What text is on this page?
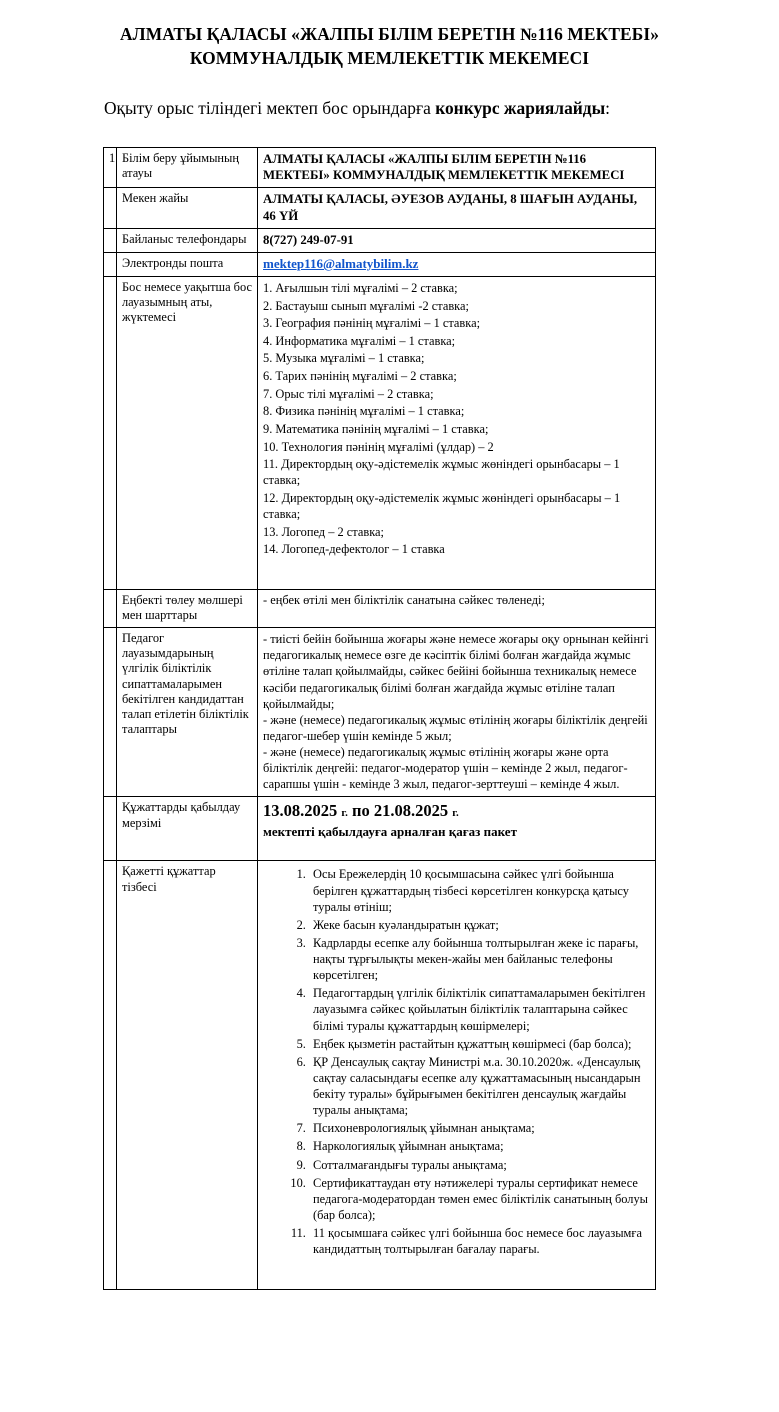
АЛМАТЫ ҚАЛАСЫ «ЖАЛПЫ БІЛІМ БЕРЕТІН №116 МЕКТЕБІ» КОММУНАЛДЫҚ МЕМЛЕКЕТТІК МЕКЕМЕСІ

Оқыту орыс тіліндегі мектеп бос орындарға конкурс жариялайды:

1	Білім беру ұйымының атауы	АЛМАТЫ ҚАЛАСЫ «ЖАЛПЫ БІЛІМ БЕРЕТІН №116 МЕКТЕБІ» КОММУНАЛДЫҚ МЕМЛЕКЕТТІК МЕКЕМЕСІ
	Мекен жайы	АЛМАТЫ ҚАЛАСЫ, ӘУЕЗОВ АУДАНЫ, 8 ШАҒЫН АУДАНЫ, 46 ҮЙ
	Байланыс телефондары	8(727) 249-07-91
	Электронды пошта	mektep116@almatybilim.kz
	Бос немесе уақытша бос лауазымның аты, жүктемесі	
1. Ағылшын тілі мұғалімі – 2 ставка;
2. Бастауыш сынып мұғалімі -2 ставка;
3. География пәнінің мұғалімі – 1 ставка;
4. Информатика мұғалімі – 1 ставка;
5. Музыка мұғалімі – 1 ставка;
6. Тарих пәнінің мұғалімі – 2 ставка;
7. Орыс тілі мұғалімі – 2 ставка;
8. Физика пәнінің мұғалімі – 1 ставка;
9. Математика пәнінің мұғалімі – 1 ставка;
10. Технология пәнінің мұғалімі (ұлдар) – 2
11. Директордың оқу-әдістемелік жұмыс жөніндегі орынбасары – 1 ставка;
12. Директордың оқу-әдістемелік жұмыс жөніндегі орынбасары – 1 ставка;
13. Логопед – 2 ставка;
14. Логопед-дефектолог – 1 ставка

	Еңбекті төлеу мөлшері мен шарттары	- еңбек өтілі мен біліктілік санатына сәйкес төленеді;
	Педагог лауазымдарының үлгілік біліктілік сипаттамаларымен бекітілген кандидаттан талап етілетін біліктілік талаптары	- тиісті бейін бойынша жоғары және немесе жоғары оқу орнынан кейінгі педагогикалық немесе өзге де кәсіптік білімі болған жағдайда жұмыс өтіліне талап қойылмайды, сәйкес бейіні бойынша техникалық немесе кәсіби педагогикалық білімі болған жағдайда жұмыс өтіліне талап қойылмайды;

- және (немесе) педагогикалық жұмыс өтілінің жоғары біліктілік деңгейі педагог-шебер үшін кемінде 5 жыл;

- және (немесе) педагогикалық жұмыс өтілінің жоғары және орта біліктілік деңгейі: педагог-модератор үшін – кемінде 2 жыл, педагог-сарапшы үшін - кемінде 3 жыл, педагог-зерттеуші – кемінде 4 жыл.

	Құжаттарды қабылдау мерзімі	13.08.2025 г. по 21.08.2025 г.
мектепті қабылдауға арналған қағаз пакет

	Қажетті құжаттар тізбесі	
1. Осы Ережелердің 10 қосымшасына сәйкес үлгі бойынша берілген құжаттардың тізбесі көрсетілген конкурсқа қатысу туралы өтініш;
2. Жеке басын куәландыратын құжат;
3. Кадрларды есепке алу бойынша толтырылған жеке іс парағы, нақты тұрғылықты мекен-жайы мен байланыс телефоны көрсетілген;
4. Педагогтардың үлгілік біліктілік сипаттамаларымен бекітілген лауазымға сәйкес қойылатын біліктілік талаптарына сәйкес білімі туралы құжаттардың көшірмелері;
5. Еңбек қызметін растайтын құжаттың көшірмесі (бар болса);
6. ҚР Денсаулық сақтау Министрі м.а. 30.10.2020ж. «Денсаулық сақтау саласындағы есепке алу құжаттамасының нысандарын бекіту туралы» бұйрығымен бекітілген денсаулық жағдайы туралы анықтама;
7. Психоневрологиялық ұйымнан анықтама;
8. Наркологиялық ұйымнан анықтама;
9. Сотталмағандығы туралы анықтама;
10. Сертификаттаудан өту нәтижелері туралы сертификат немесе педагога-модератордан төмен емес біліктілік санатының болуы (бар болса);
11. 11 қосымшаға сәйкес үлгі бойынша бос немесе бос лауазымға кандидаттың толтырылған бағалау парағы.
